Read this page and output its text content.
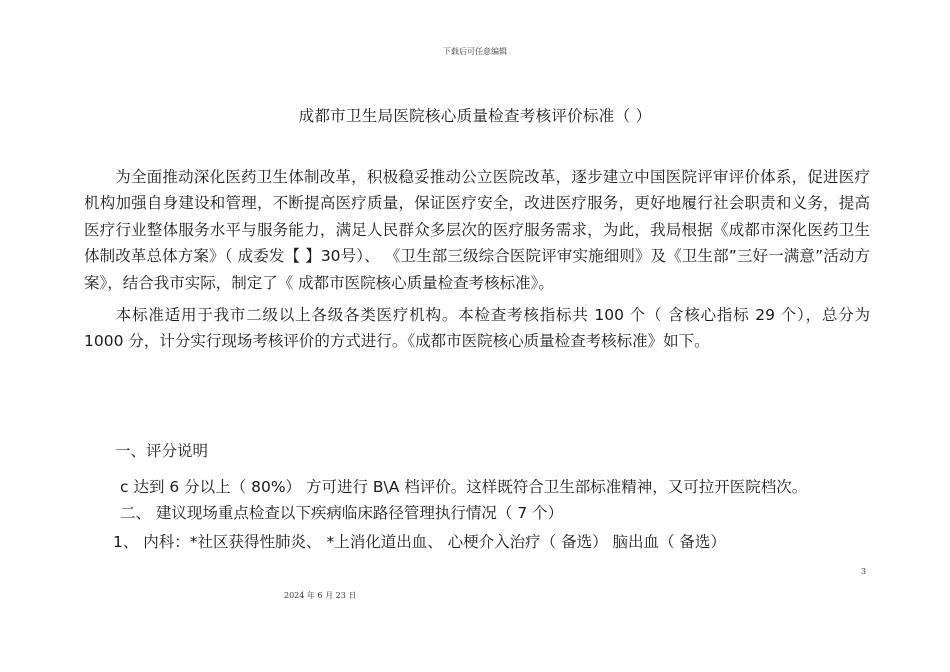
下载后可任意编辑
成都市卫生局医院核心质量检查考核评价标准（ ）
为全面推动深化医药卫生体制改革，积极稳妥推动公立医院改革，逐步建立中国医院评审评价体系，促进医疗机构加强自身建设和管理，不断提高医疗质量，保证医疗安全，改进医疗服务，更好地履行社会职责和义务，提高医疗行业整体服务水平与服务能力，满足人民群众多层次的医疗服务需求，为此，我局根据《成都市深化医药卫生体制改革总体方案》（ 成委发【 】30号）、 《卫生部三级综合医院评审实施细则》及《卫生部”三好一满意”活动方案》，结合我市实际，制定了《 成都市医院核心质量检查考核标准》。
本标准适用于我市二级以上各级各类医疗机构。本检查考核指标共 100 个（ 含核心指标 29 个），总分为 1000 分，计分实行现场考核评价的方式进行。《成都市医院核心质量检查考核标准》如下。
一、评分说明
c 达到 6 分以上（ 80%） 方可进行 B\A 档评价。这样既符合卫生部标准精神，又可拉开医院档次。
二、 建议现场重点检查以下疾病临床路径管理执行情况（ 7 个）
1、 内科：*社区获得性肺炎、 *上消化道出血、 心梗介入治疗（ 备选） 脑出血（ 备选）
3
2024 年 6 月 23 日
